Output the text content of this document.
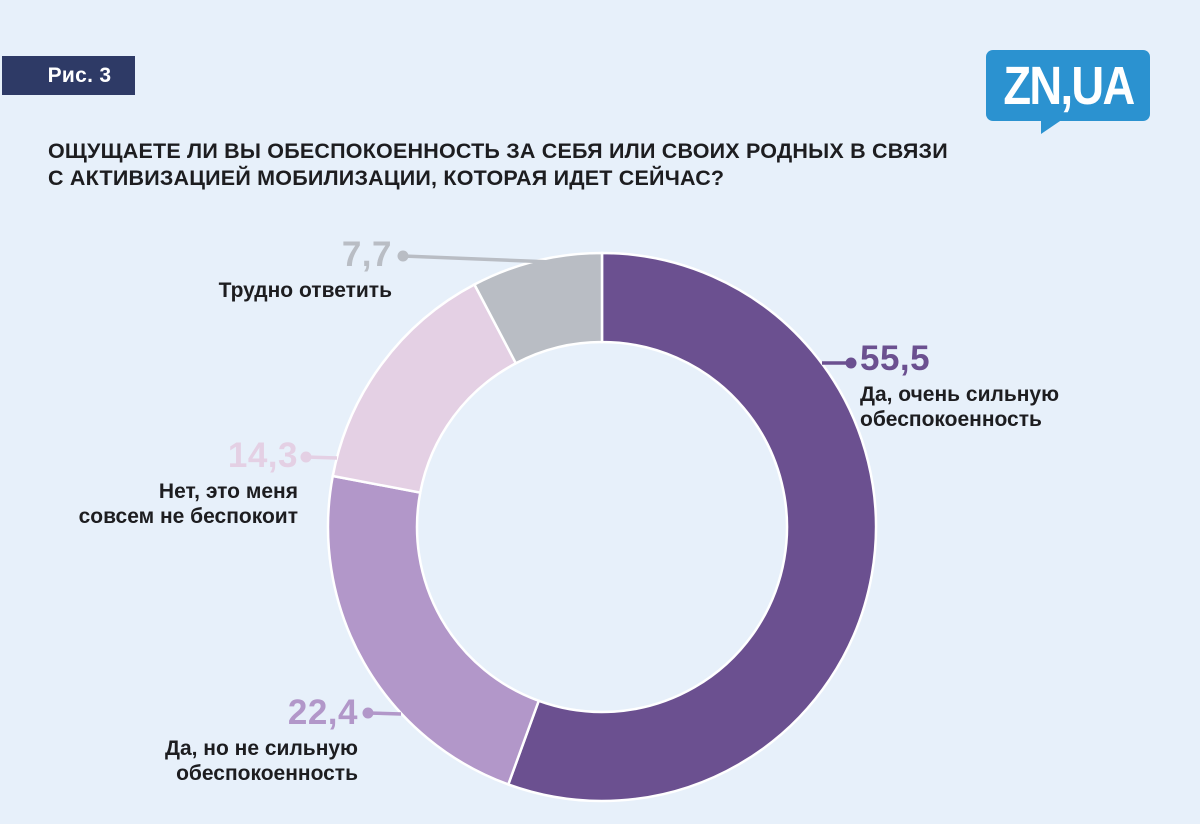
Рис. 3	ZN,UA
ОЩУЩАЕТЕ ЛИ ВЫ ОБЕСПОКОЕННОСТЬ ЗА СЕБЯ ИЛИ СВОИХ РОДНЫХ В СВЯЗИ
С АКТИВИЗАЦИЕЙ МОБИЛИЗАЦИИ, КОТОРАЯ ИДЕТ СЕЙЧАС?
55,5
Да, очень сильную
обеспокоенность
22,4
Да, но не сильную
обеспокоенность
14,3
Нет, это меня
совсем не беспокоит
7,7
Трудно ответить
